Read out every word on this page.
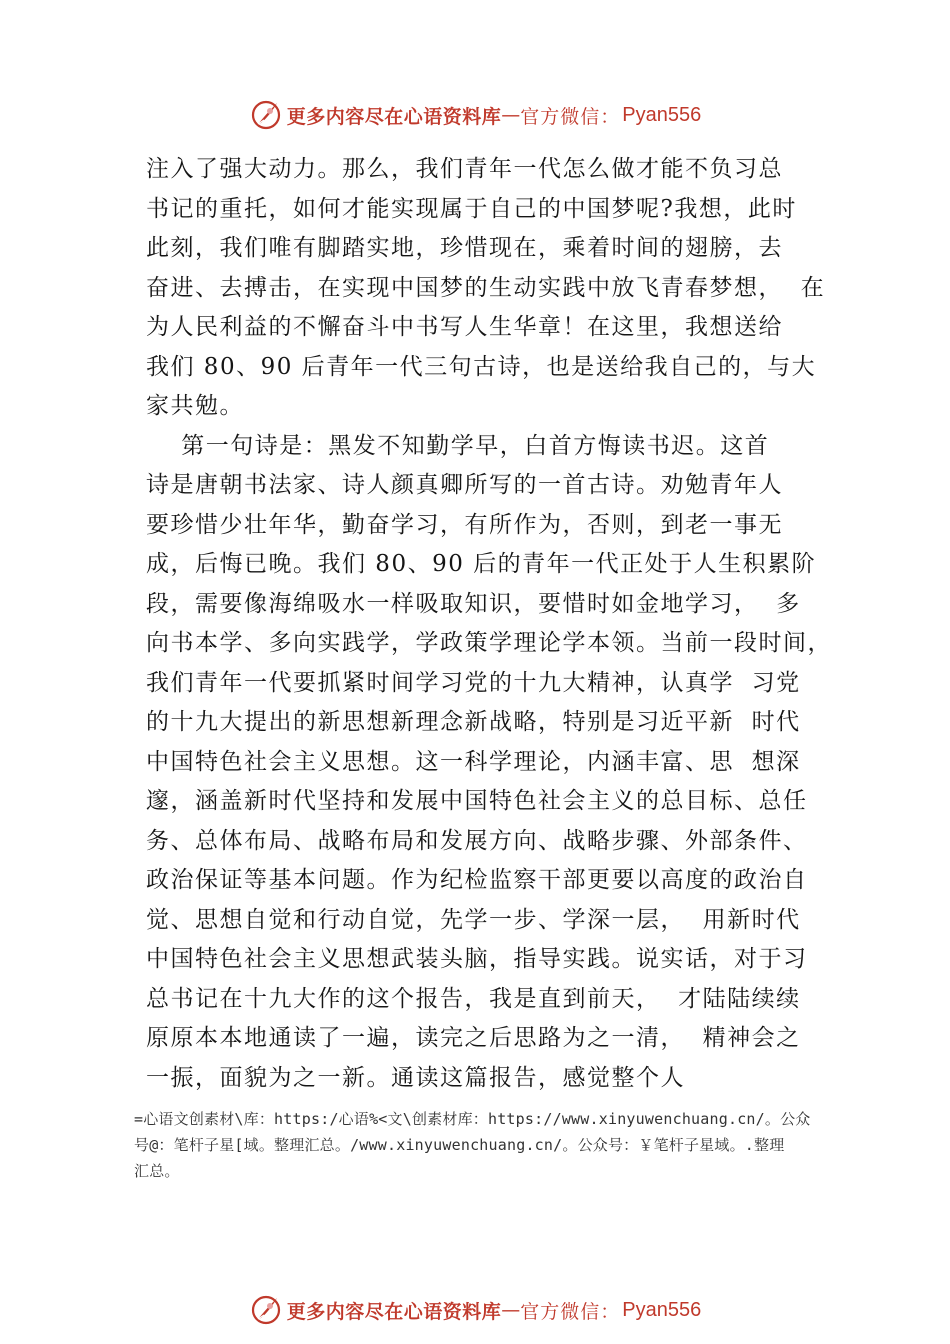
更多内容尽在心语资料库 — 官方微信： Pyan556
注入了强大动力。那么，我们青年一代怎么做才能不负习总
书记的重托，如何才能实现属于自己的中国梦呢?我想，此时
此刻，我们唯有脚踏实地，珍惜现在，乘着时间的翅膀，去
奋进、去搏击，在实现中国梦的生动实践中放飞青春梦想，  在
为人民利益的不懈奋斗中书写人生华章！在这里，我想送给
我们 80、90 后青年一代三句古诗，也是送给我自己的，与大
家共勉。
第一句诗是：黑发不知勤学早，白首方悔读书迟。这首
诗是唐朝书法家、诗人颜真卿所写的一首古诗。劝勉青年人
要珍惜少壮年华，勤奋学习，有所作为，否则，到老一事无
成，后悔已晚。我们 80、90 后的青年一代正处于人生积累阶
段，需要像海绵吸水一样吸取知识，要惜时如金地学习，  多
向书本学、多向实践学，学政策学理论学本领。当前一段时间，
我们青年一代要抓紧时间学习党的十九大精神，认真学  习党
的十九大提出的新思想新理念新战略，特别是习近平新  时代
中国特色社会主义思想。这一科学理论，内涵丰富、思  想深
邃，涵盖新时代坚持和发展中国特色社会主义的总目标、总任
务、总体布局、战略布局和发展方向、战略步骤、外部条件、
政治保证等基本问题。作为纪检监察干部更要以高度的政治自
觉、思想自觉和行动自觉，先学一步、学深一层，  用新时代
中国特色社会主义思想武装头脑，指导实践。说实话，对于习
总书记在十九大作的这个报告，我是直到前天，  才陆陆续续
原原本本地通读了一遍，读完之后思路为之一清，  精神会之
一振，面貌为之一新。通读这篇报告，感觉整个人
=心语文创素材\库：https:/心语%<文\创素材库：https://www.xinyuwenchuang.cn/。公众
号@：笔杆子星[域。整理汇总。/www.xinyuwenchuang.cn/。公众号：￥笔杆子星域。.整理
汇总。
更多内容尽在心语资料库 — 官方微信： Pyan556
